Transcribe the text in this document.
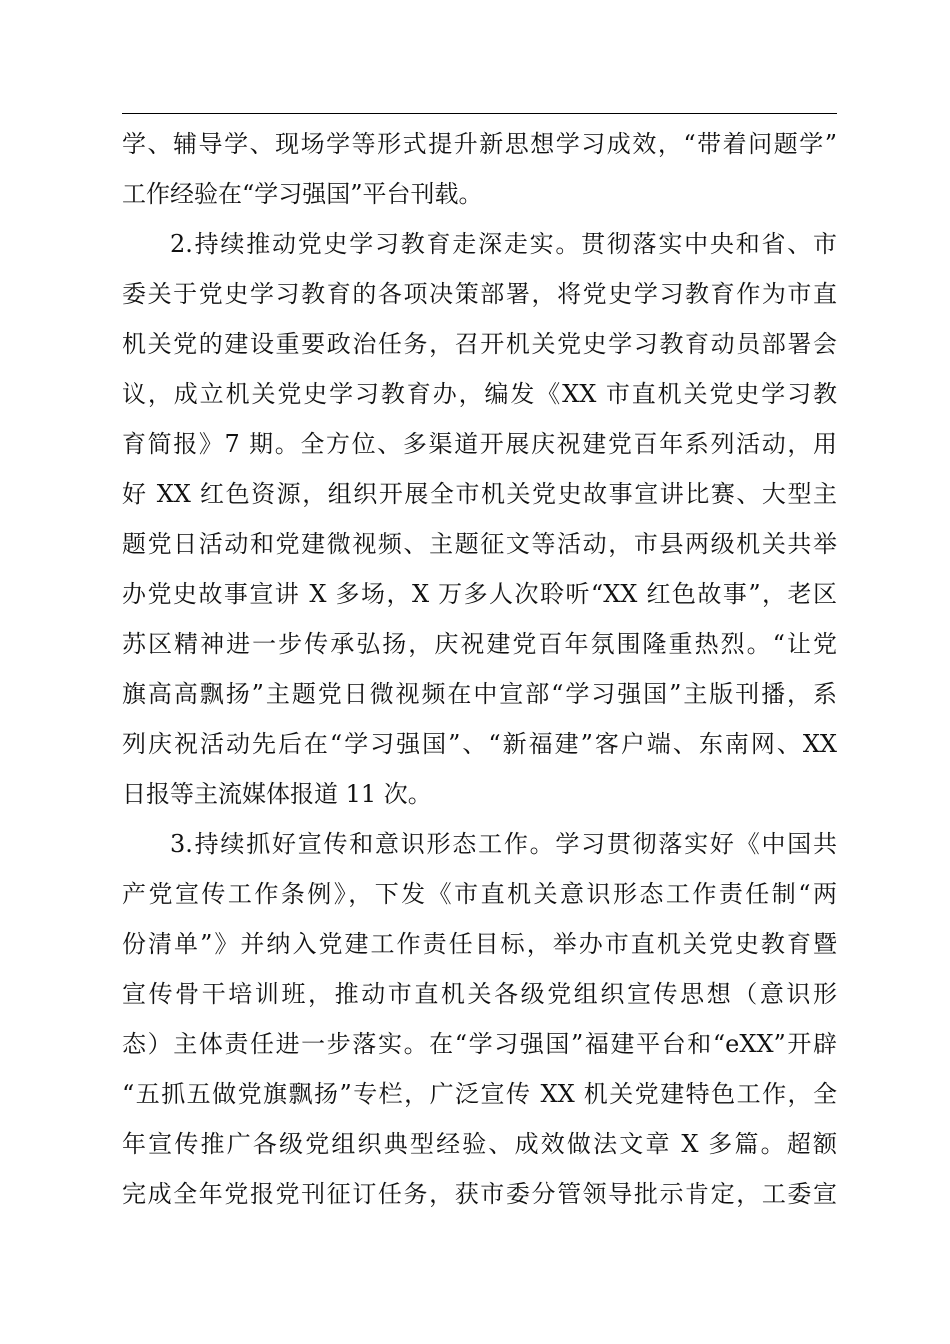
学、辅导学、现场学等形式提升新思想学习成效，“带着问题学”
工作经验在“学习强国”平台刊载。
2.持续推动党史学习教育走深走实。贯彻落实中央和省、市
委关于党史学习教育的各项决策部署，将党史学习教育作为市直
机关党的建设重要政治任务，召开机关党史学习教育动员部署会
议，成立机关党史学习教育办，编发《XX 市直机关党史学习教
育简报》7 期。全方位、多渠道开展庆祝建党百年系列活动，用
好 XX 红色资源，组织开展全市机关党史故事宣讲比赛、大型主
题党日活动和党建微视频、主题征文等活动，市县两级机关共举
办党史故事宣讲 X 多场，X 万多人次聆听“XX 红色故事”，老区
苏区精神进一步传承弘扬，庆祝建党百年氛围隆重热烈。“让党
旗高高飘扬”主题党日微视频在中宣部“学习强国”主版刊播，系
列庆祝活动先后在“学习强国”、“新福建”客户端、东南网、XX
日报等主流媒体报道 11 次。
3.持续抓好宣传和意识形态工作。学习贯彻落实好《中国共
产党宣传工作条例》，下发《市直机关意识形态工作责任制“两
份清单”》并纳入党建工作责任目标，举办市直机关党史教育暨
宣传骨干培训班，推动市直机关各级党组织宣传思想（意识形
态）主体责任进一步落实。在“学习强国”福建平台和“eXX”开辟
“五抓五做党旗飘扬”专栏，广泛宣传 XX 机关党建特色工作，全
年宣传推广各级党组织典型经验、成效做法文章 X 多篇。超额
完成全年党报党刊征订任务，获市委分管领导批示肯定，工委宣
